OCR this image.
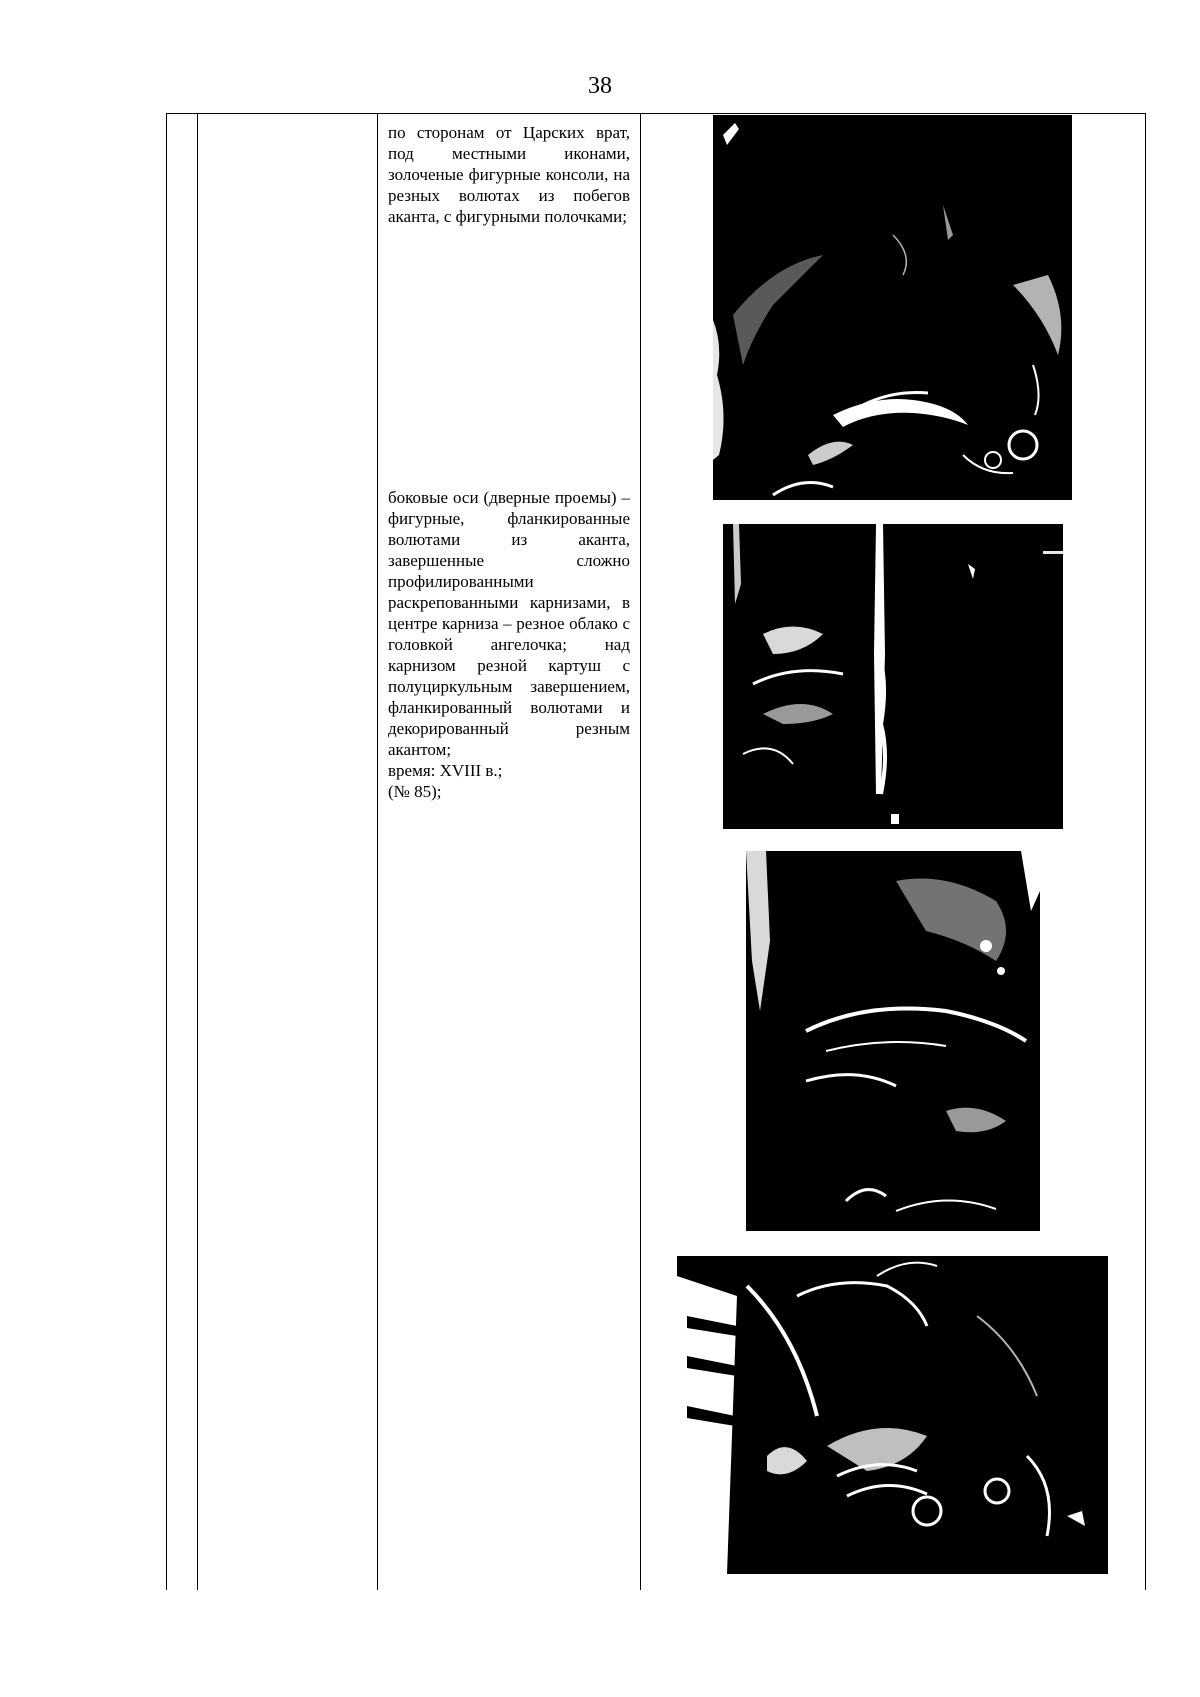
38

по сторонам от Царских врат, под местными иконами, золоченые фигурные консоли, на резных волютах из побегов аканта, с фигурными полочками;

боковые оси (дверные проемы) – фигурные, фланкированные волютами из аканта, завершенные сложно профилированными раскрепованными карнизами, в центре карниза – резное облако с головкой ангелочка; над карнизом резной картуш с полуциркульным завершением, фланкированный волютами и декорированный резным акантом;

время: XVIII в.;

(№ 85);
